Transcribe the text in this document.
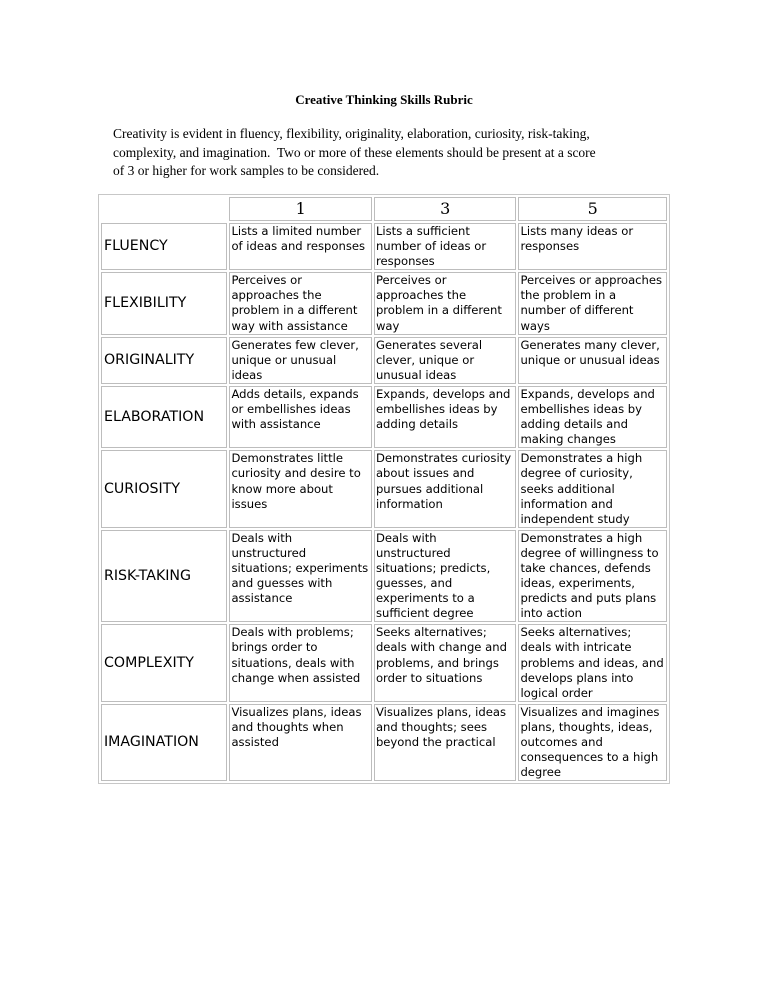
Creative Thinking Skills Rubric
Creativity is evident in fluency, flexibility, originality, elaboration, curiosity, risk-taking,
complexity, and imagination.  Two or more of these elements should be present at a score
of 3 or higher for work samples to be considered.
	1	3	5
FLUENCY	Lists a limited number of ideas and responses	Lists a sufficient number of ideas or responses	Lists many ideas or responses
FLEXIBILITY	Perceives or approaches the problem in a different way with assistance	Perceives or approaches the problem in a different way	Perceives or approaches the problem in a number of different ways
ORIGINALITY	Generates few clever, unique or unusual ideas	Generates several clever, unique or unusual ideas	Generates many clever, unique or unusual ideas
ELABORATION	Adds details, expands or embellishes ideas with assistance	Expands, develops and embellishes ideas by adding details	Expands, develops and embellishes ideas by adding details and making changes
CURIOSITY	Demonstrates little curiosity and desire to know more about issues	Demonstrates curiosity about issues and pursues additional information	Demonstrates a high degree of curiosity, seeks additional information and independent study
RISK-TAKING	Deals with unstructured situations; experiments and guesses with assistance	Deals with unstructured situations; predicts, guesses, and experiments to a sufficient degree	Demonstrates a high degree of willingness to take chances, defends ideas, experiments, predicts and puts plans into action
COMPLEXITY	Deals with problems; brings order to situations, deals with change when assisted	Seeks alternatives; deals with change and problems, and brings order to situations	Seeks alternatives; deals with intricate problems and ideas, and develops plans into logical order
IMAGINATION	Visualizes plans, ideas and thoughts when assisted	Visualizes plans, ideas and thoughts; sees beyond the practical	Visualizes and imagines plans, thoughts, ideas, outcomes and consequences to a high degree
